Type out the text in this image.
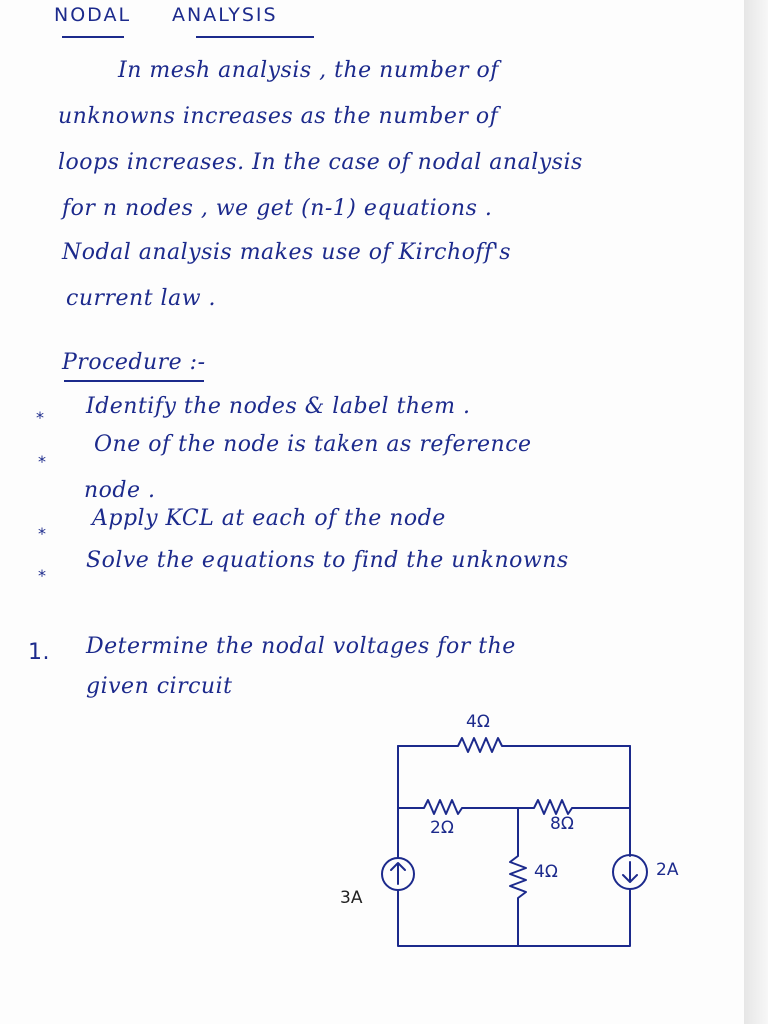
NODAL ANALYSIS
In mesh analysis , the number of
unknowns increases as the number of
loops increases. In the case of nodal analysis
for n nodes , we get (n-1) equations .
Nodal analysis makes use of Kirchoff's
current law .
Procedure :-
* Identify the nodes & label them .
*
One of the node is taken as reference
node .
*
Apply KCL at each of the node
*
Solve the equations to find the unknowns
1. Determine the nodal voltages for the
given circuit
4Ω
2Ω	8Ω
4Ω
3A
2A
